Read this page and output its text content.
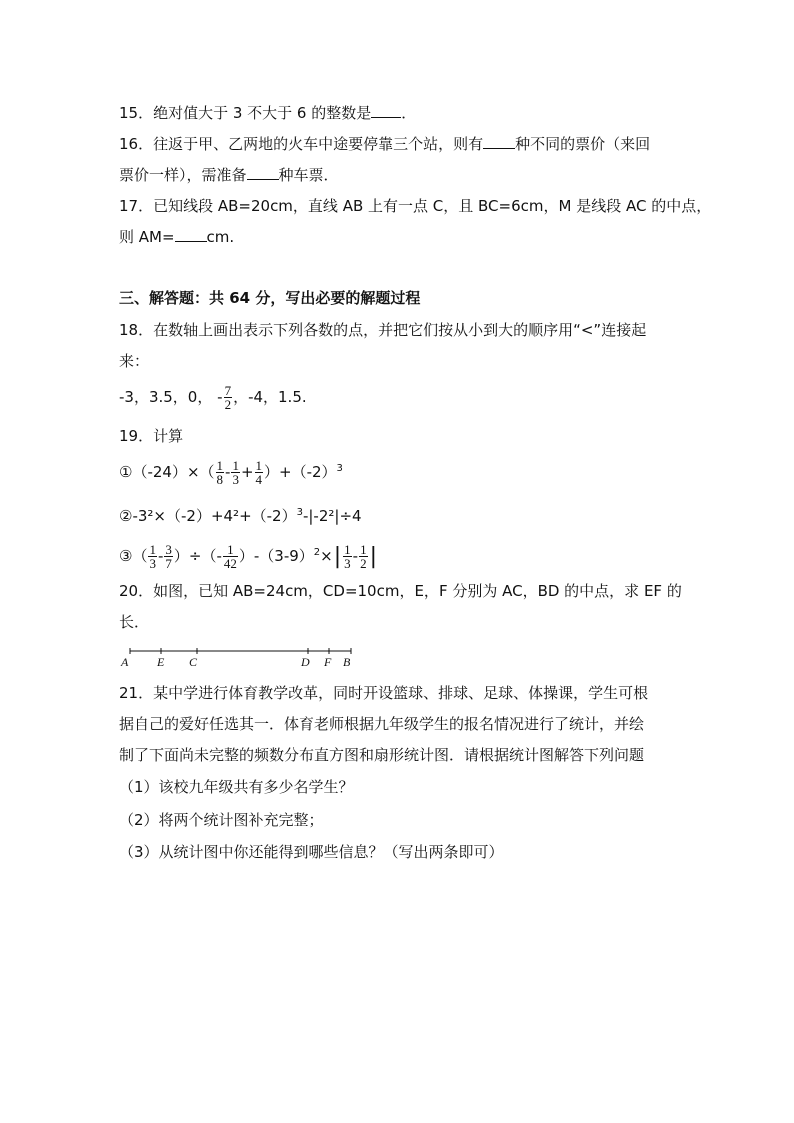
15．绝对值大于 3 不大于 6 的整数是 ．
16．往返于甲、乙两地的火车中途要停靠三个站，则有 种不同的票价（来回
票价一样），需准备 种车票．
17．已知线段 AB=20cm，直线 AB 上有一点 C，且 BC=6cm，M 是线段 AC 的中点，
则 AM= cm.
三、解答题：共 64 分，写出必要的解题过程
18．在数轴上画出表示下列各数的点，并把它们按从小到大的顺序用“<”连接起
来：
-3，3.5，0， - $\frac{7}{2}$ ，-4，1.5.
19．计算
①（-24）×（ $\frac{1}{8} - \frac{1}{3} + \frac{1}{4} )+(-2)^3$
$②-3^2\times(-2)+4^2+(-2)^3-|-2^2|\div 4$
③（ $\frac{1}{3} - \frac{3}{7}$ ）÷（- $\frac{1}{42} )-(3-9)^2\times| \frac{1}{3} - \frac{1}{2}$ |
20．如图，已知 AB=24cm，CD=10cm，E，F 分别为 AC，BD 的中点，求 EF 的
长．
A E C	D F B
21．某中学进行体育教学改革，同时开设篮球、排球、足球、体操课，学生可根
据自己的爱好任选其一．体育老师根据九年级学生的报名情况进行了统计，并绘
制了下面尚未完整的频数分布直方图和扇形统计图．请根据统计图解答下列问题
（1）该校九年级共有多少名学生？
（2）将两个统计图补充完整；
（3）从统计图中你还能得到哪些信息？（写出两条即可）
